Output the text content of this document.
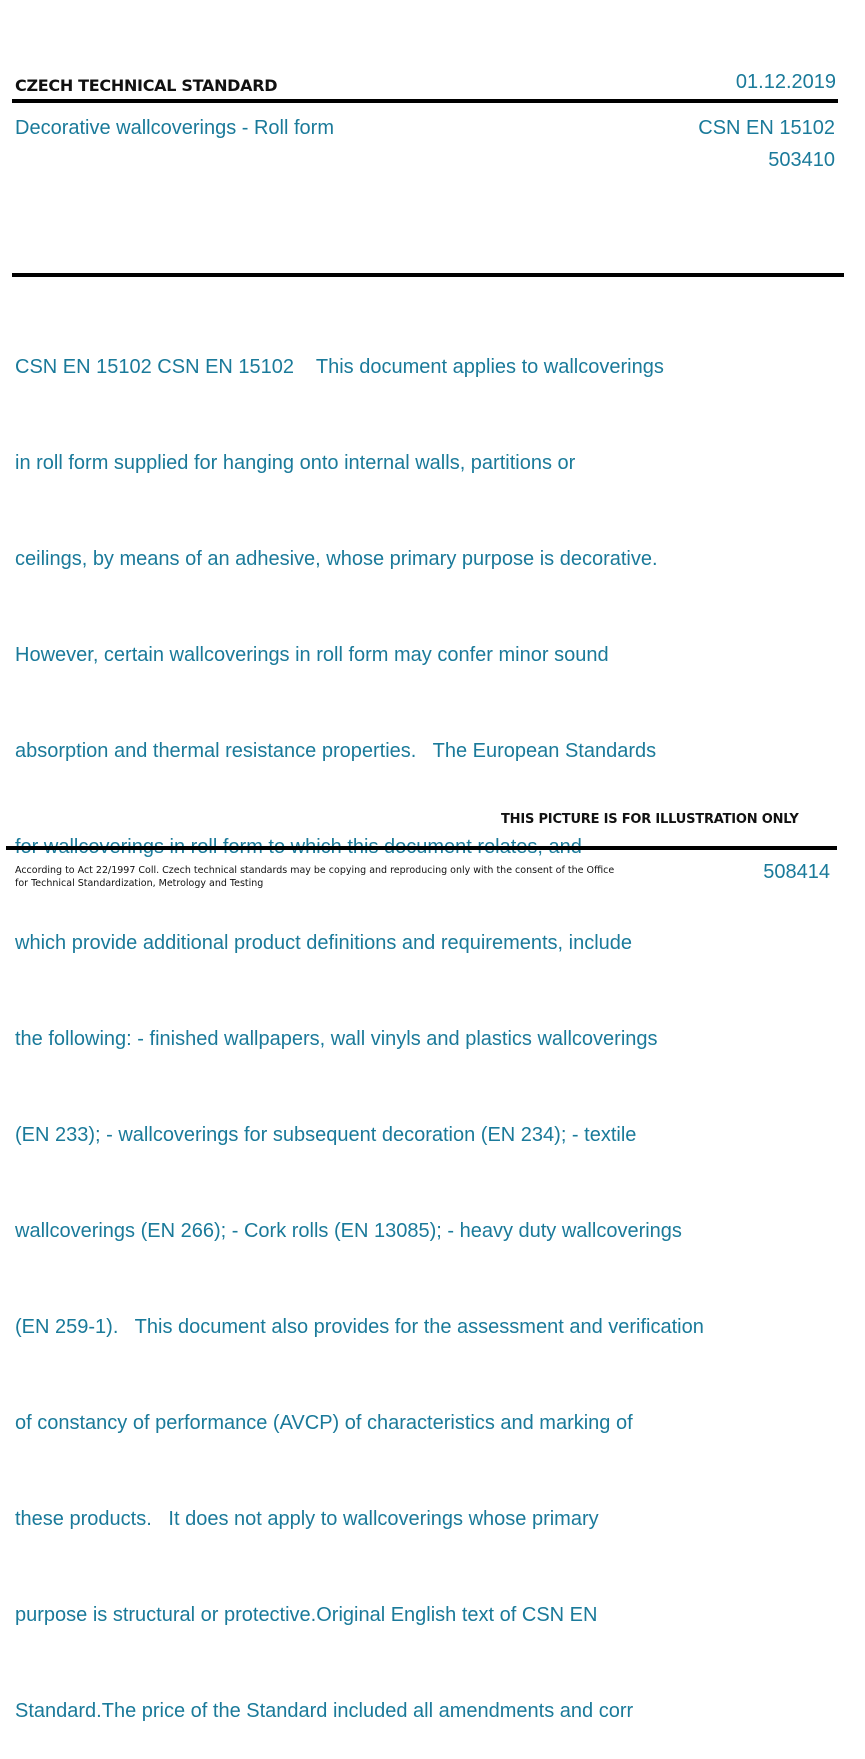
CZECH TECHNICAL STANDARD	01.12.2019
Decorative wallcoverings - Roll form	CSN EN 15102
503410

CSN EN 15102 CSN EN 15102    This document applies to wallcoverings

in roll form supplied for hanging onto internal walls, partitions or

ceilings, by means of an adhesive, whose primary purpose is decorative.

However, certain wallcoverings in roll form may confer minor sound

absorption and thermal resistance properties.   The European Standards

which provide additional product definitions and requirements, include

the following: - finished wallpapers, wall vinyls and plastics wallcoverings

(EN 233); - wallcoverings for subsequent decoration (EN 234); - textile

wallcoverings (EN 266); - Cork rolls (EN 13085); - heavy duty wallcoverings

(EN 259-1).   This document also provides for the assessment and verification

of constancy of performance (AVCP) of characteristics and marking of

these products.   It does not apply to wallcoverings whose primary

purpose is structural or protective.Original English text of CSN EN

Standard.The price of the Standard included all amendments and corr

THIS PICTURE IS FOR ILLUSTRATION ONLY
According to Act 22/1997 Coll. Czech technical standards may be copying and reproducing only with the consent of the Office
for Technical Standardization, Metrology and Testing
508414
